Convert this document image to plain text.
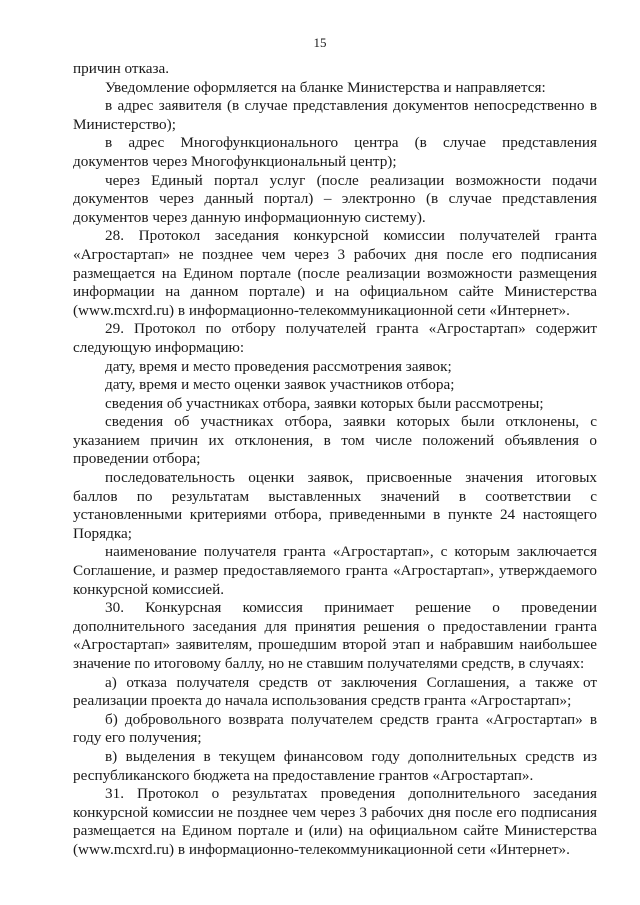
15

причин отказа.

Уведомление оформляется на бланке Министерства и направляется:

в адрес заявителя (в случае представления документов непосредственно в Министерство);

в адрес Многофункционального центра (в случае представления документов через Многофункциональный центр);

через Единый портал услуг (после реализации возможности подачи документов через данный портал) – электронно (в случае представления документов через данную информационную систему).

28. Протокол заседания конкурсной комиссии получателей гранта «Агростартап» не позднее чем через 3 рабочих дня после его подписания размещается на Едином портале (после реализации возможности размещения информации на данном портале) и на официальном сайте Министерства (www.mcxrd.ru) в информационно-телекоммуникационной сети «Интернет».

29. Протокол по отбору получателей гранта «Агростартап» содержит следующую информацию:

дату, время и место проведения рассмотрения заявок;

дату, время и место оценки заявок участников отбора;

сведения об участниках отбора, заявки которых были рассмотрены;

сведения об участниках отбора, заявки которых были отклонены, с указанием причин их отклонения, в том числе положений объявления о проведении отбора;

последовательность оценки заявок, присвоенные значения итоговых баллов по результатам выставленных значений в соответствии с установленными критериями отбора, приведенными в пункте 24 настоящего Порядка;

наименование получателя гранта «Агростартап», с которым заключается Соглашение, и размер предоставляемого гранта «Агростартап», утверждаемого конкурсной комиссией.

30. Конкурсная комиссия принимает решение о проведении дополнительного заседания для принятия решения о предоставлении гранта «Агростартап» заявителям, прошедшим второй этап и набравшим наибольшее значение по итоговому баллу, но не ставшим получателями средств, в случаях:

а) отказа получателя средств от заключения Соглашения, а также от реализации проекта до начала использования средств гранта «Агростартап»;

б) добровольного возврата получателем средств гранта «Агростартап» в году его получения;

в) выделения в текущем финансовом году дополнительных средств из республиканского бюджета на предоставление грантов «Агростартап».

31. Протокол о результатах проведения дополнительного заседания конкурсной комиссии не позднее чем через 3 рабочих дня после его подписания размещается на Едином портале и (или) на официальном сайте Министерства (www.mcxrd.ru) в информационно-телекоммуникационной сети «Интернет».
